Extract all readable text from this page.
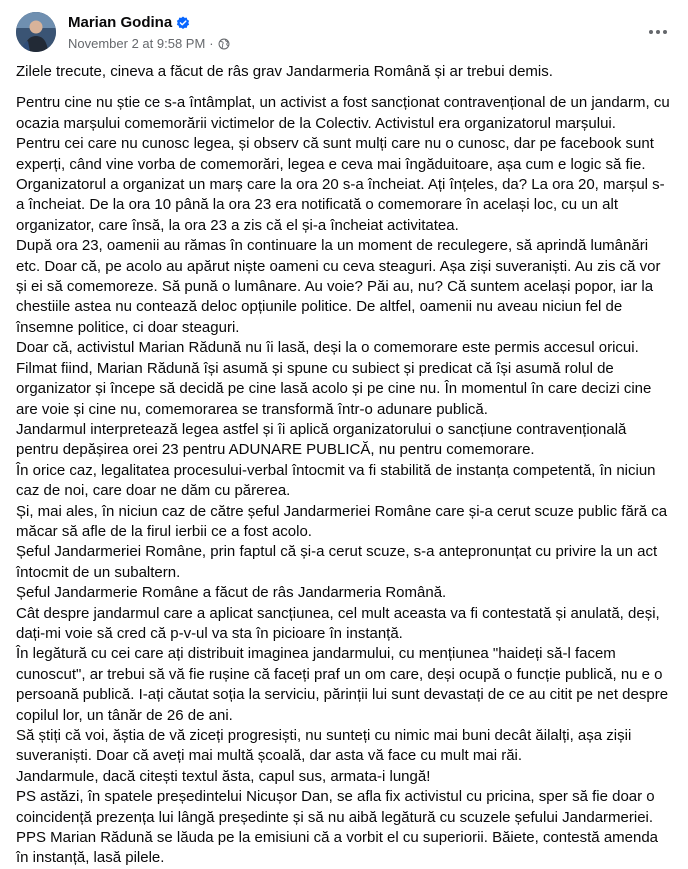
Marian Godina
November 2 at 9:58 PM ·

Zilele trecute, cineva a făcut de râs grav Jandarmeria Română și ar trebui demis.

Pentru cine nu știe ce s-a întâmplat, un activist a fost sancționat contravențional de un jandarm, cu ocazia marșului comemorării victimelor de la Colectiv. Activistul era organizatorul marșului.

Pentru cei care nu cunosc legea, și observ că sunt mulți care nu o cunosc, dar pe facebook sunt experți, când vine vorba de comemorări, legea e ceva mai îngăduitoare, așa cum e logic să fie.

Organizatorul a organizat un marș care la ora 20 s-a încheiat. Ați înțeles, da? La ora 20, marșul s-a încheiat. De la ora 10 până la ora 23 era notificată o comemorare în același loc, cu un alt organizator, care însă, la ora 23 a zis că el și-a încheiat activitatea.

După ora 23, oamenii au rămas în continuare la un moment de reculegere, să aprindă lumânări etc. Doar că, pe acolo au apărut niște oameni cu ceva steaguri. Așa ziși suveraniști. Au zis că vor și ei să comemoreze. Să pună o lumânare. Au voie? Păi au, nu? Că suntem același popor, iar la chestiile astea nu contează deloc opțiunile politice. De altfel, oamenii nu aveau niciun fel de însemne politice, ci doar steaguri.

Doar că, activistul Marian Rădună nu îi lasă, deși la o comemorare este permis accesul oricui. Filmat fiind, Marian Rădună își asumă și spune cu subiect și predicat că își asumă rolul de organizator și începe să decidă pe cine lasă acolo și pe cine nu. În momentul în care decizi cine are voie și cine nu, comemorarea se transformă într-o adunare publică.

Jandarmul interpretează legea astfel și îi aplică organizatorului o sancțiune contravențională pentru depășirea orei 23 pentru ADUNARE PUBLICĂ, nu pentru comemorare.

În orice caz, legalitatea procesului-verbal întocmit va fi stabilită de instanța competentă, în niciun caz de noi, care doar ne dăm cu părerea.

Și, mai ales, în niciun caz de către șeful Jandarmeriei Române care și-a cerut scuze public fără ca măcar să afle de la firul ierbii ce a fost acolo.

Șeful Jandarmeriei Române, prin faptul că și-a cerut scuze, s-a antepronunțat cu privire la un act întocmit de un subaltern.

Șeful Jandarmerie Române a făcut de râs Jandarmeria Română.

Cât despre jandarmul care a aplicat sancțiunea, cel mult aceasta va fi contestată și anulată, deși, dați-mi voie să cred că p-v-ul va sta în picioare în instanță.

În legătură cu cei care ați distribuit imaginea jandarmului, cu mențiunea "haideți să-l facem cunoscut", ar trebui să vă fie rușine că faceți praf un om care, deși ocupă o funcție publică, nu e o persoană publică. I-ați căutat soția la serviciu, părinții lui sunt devastați de ce au citit pe net despre copilul lor, un tânăr de 26 de ani.

Să știți că voi, ăștia de vă ziceți progresiști, nu sunteți cu nimic mai buni decât ăilalți, așa zișii suveraniști. Doar că aveți mai multă școală, dar asta vă face cu mult mai răi.

Jandarmule, dacă citești textul ăsta, capul sus, armata-i lungă!

PS astăzi, în spatele președintelui Nicușor Dan, se afla fix activistul cu pricina, sper să fie doar o coincidență prezența lui lângă președinte și să nu aibă legătură cu scuzele șefului Jandarmeriei.

PPS Marian Rădună se lăuda pe la emisiuni că a vorbit el cu superiorii. Băiete, contestă amenda în instanță, lasă pilele.
